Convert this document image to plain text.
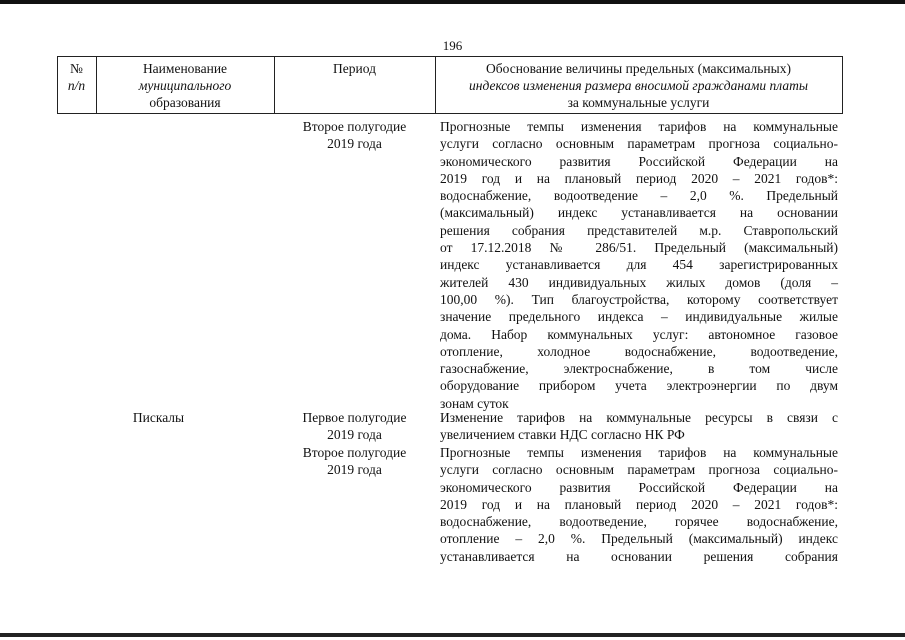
196
№
п/п
Наименование
муниципального
образования
Период	Обоснование величины предельных (максимальных)
индексов изменения размера вносимой гражданами платы
за коммунальные услуги
Второе полугодие
2019 года
Прогнозные темпы изменения тарифов на коммунальные
услуги согласно основным параметрам прогноза социально-
экономического развития Российской Федерации на
2019 год и на плановый период 2020 – 2021 годов*:
водоснабжение, водоотведение – 2,0 %. Предельный
(максимальный) индекс устанавливается на основании
решения собрания представителей м.р. Ставропольский
от 17.12.2018 № 286/51. Предельный (максимальный)
индекс устанавливается для 454 зарегистрированных
жителей 430 индивидуальных жилых домов (доля –
100,00 %). Тип благоустройства, которому соответствует
значение предельного индекса – индивидуальные жилые
дома. Набор коммунальных услуг: автономное газовое
отопление, холодное водоснабжение, водоотведение,
газоснабжение, электроснабжение, в том числе
оборудование прибором учета электроэнергии по двум
зонам суток
Пискалы	Первое полугодие
2019 года
Изменение тарифов на коммунальные ресурсы в связи с
увеличением ставки НДС согласно НК РФ
Второе полугодие
2019 года
Прогнозные темпы изменения тарифов на коммунальные
услуги согласно основным параметрам прогноза социально-
экономического развития Российской Федерации на
2019 год и на плановый период 2020 – 2021 годов*:
водоснабжение, водоотведение, горячее водоснабжение,
отопление – 2,0 %. Предельный (максимальный) индекс
устанавливается на основании решения собрания
